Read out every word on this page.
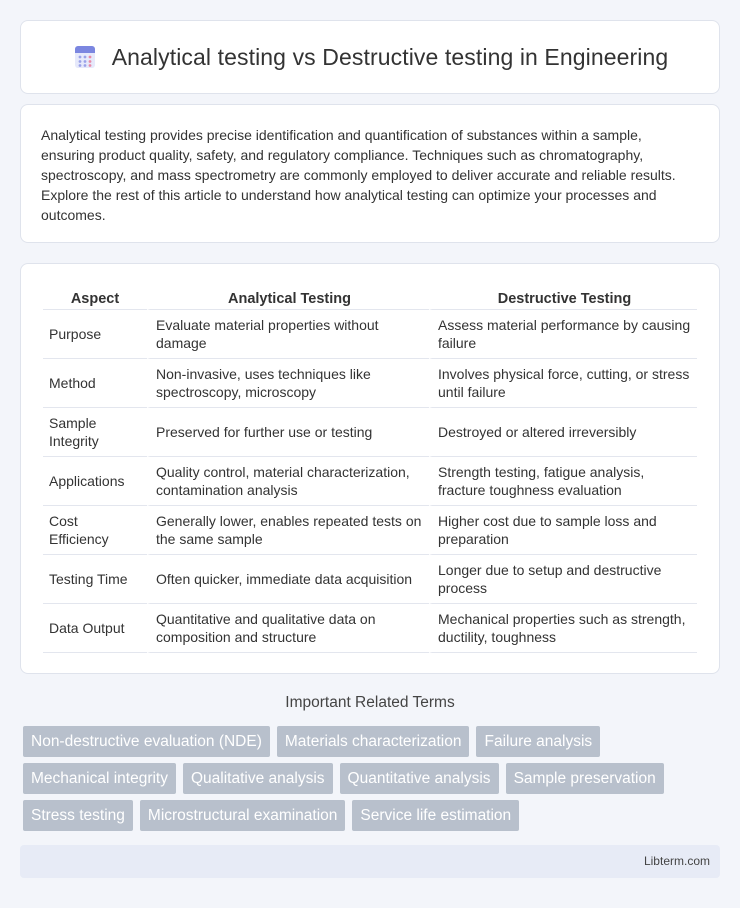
Analytical testing vs Destructive testing in Engineering

Analytical testing provides precise identification and quantification of substances within a sample, ensuring product quality, safety, and regulatory compliance. Techniques such as chromatography, spectroscopy, and mass spectrometry are commonly employed to deliver accurate and reliable results. Explore the rest of this article to understand how analytical testing can optimize your processes and outcomes.

Aspect	Analytical Testing	Destructive Testing
Purpose	Evaluate material properties without damage	Assess material performance by causing failure
Method	Non-invasive, uses techniques like spectroscopy, microscopy	Involves physical force, cutting, or stress until failure
Sample Integrity	Preserved for further use or testing	Destroyed or altered irreversibly
Applications	Quality control, material characterization, contamination analysis	Strength testing, fatigue analysis, fracture toughness evaluation
Cost Efficiency	Generally lower, enables repeated tests on the same sample	Higher cost due to sample loss and preparation
Testing Time	Often quicker, immediate data acquisition	Longer due to setup and destructive process
Data Output	Quantitative and qualitative data on composition and structure	Mechanical properties such as strength, ductility, toughness
Important Related Terms
Non-destructive evaluation (NDE)	Materials characterization	Failure analysis
Mechanical integrity	Qualitative analysis	Quantitative analysis	Sample preservation
Stress testing	Microstructural examination	Service life estimation
Libterm.com
